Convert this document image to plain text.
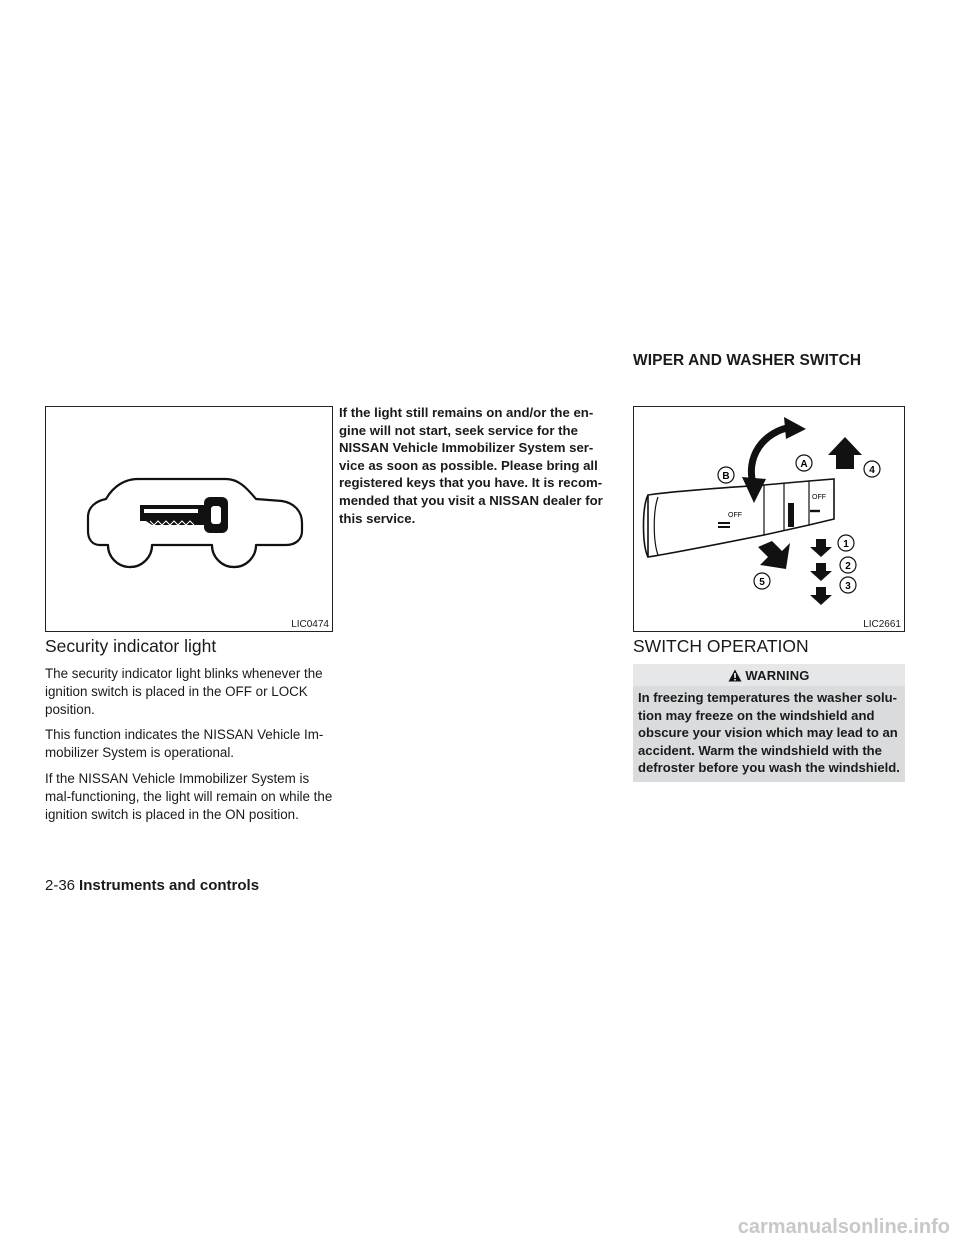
WIPER AND WASHER SWITCH
LIC0474
Security indicator light

The security indicator light blinks whenever the ignition switch is placed in the OFF or LOCK position.

This function indicates the NISSAN Vehicle Im-mobilizer System is operational.

If the NISSAN Vehicle Immobilizer System is mal-functioning, the light will remain on while the ignition switch is placed in the ON position.

If the light still remains on and/or the en-gine will not start, seek service for the NISSAN Vehicle Immobilizer System ser-vice as soon as possible. Please bring all registered keys that you have. It is recom-mended that you visit a NISSAN dealer for this service.	OFF
OFF
A
B
1
2
3
4
5
LIC2661
SWITCH OPERATION
WARNING
In freezing temperatures the washer solu-tion may freeze on the windshield and obscure your vision which may lead to an accident. Warm the windshield with the defroster before you wash the windshield.
2-36 Instruments and controls
carmanualsonline.info
